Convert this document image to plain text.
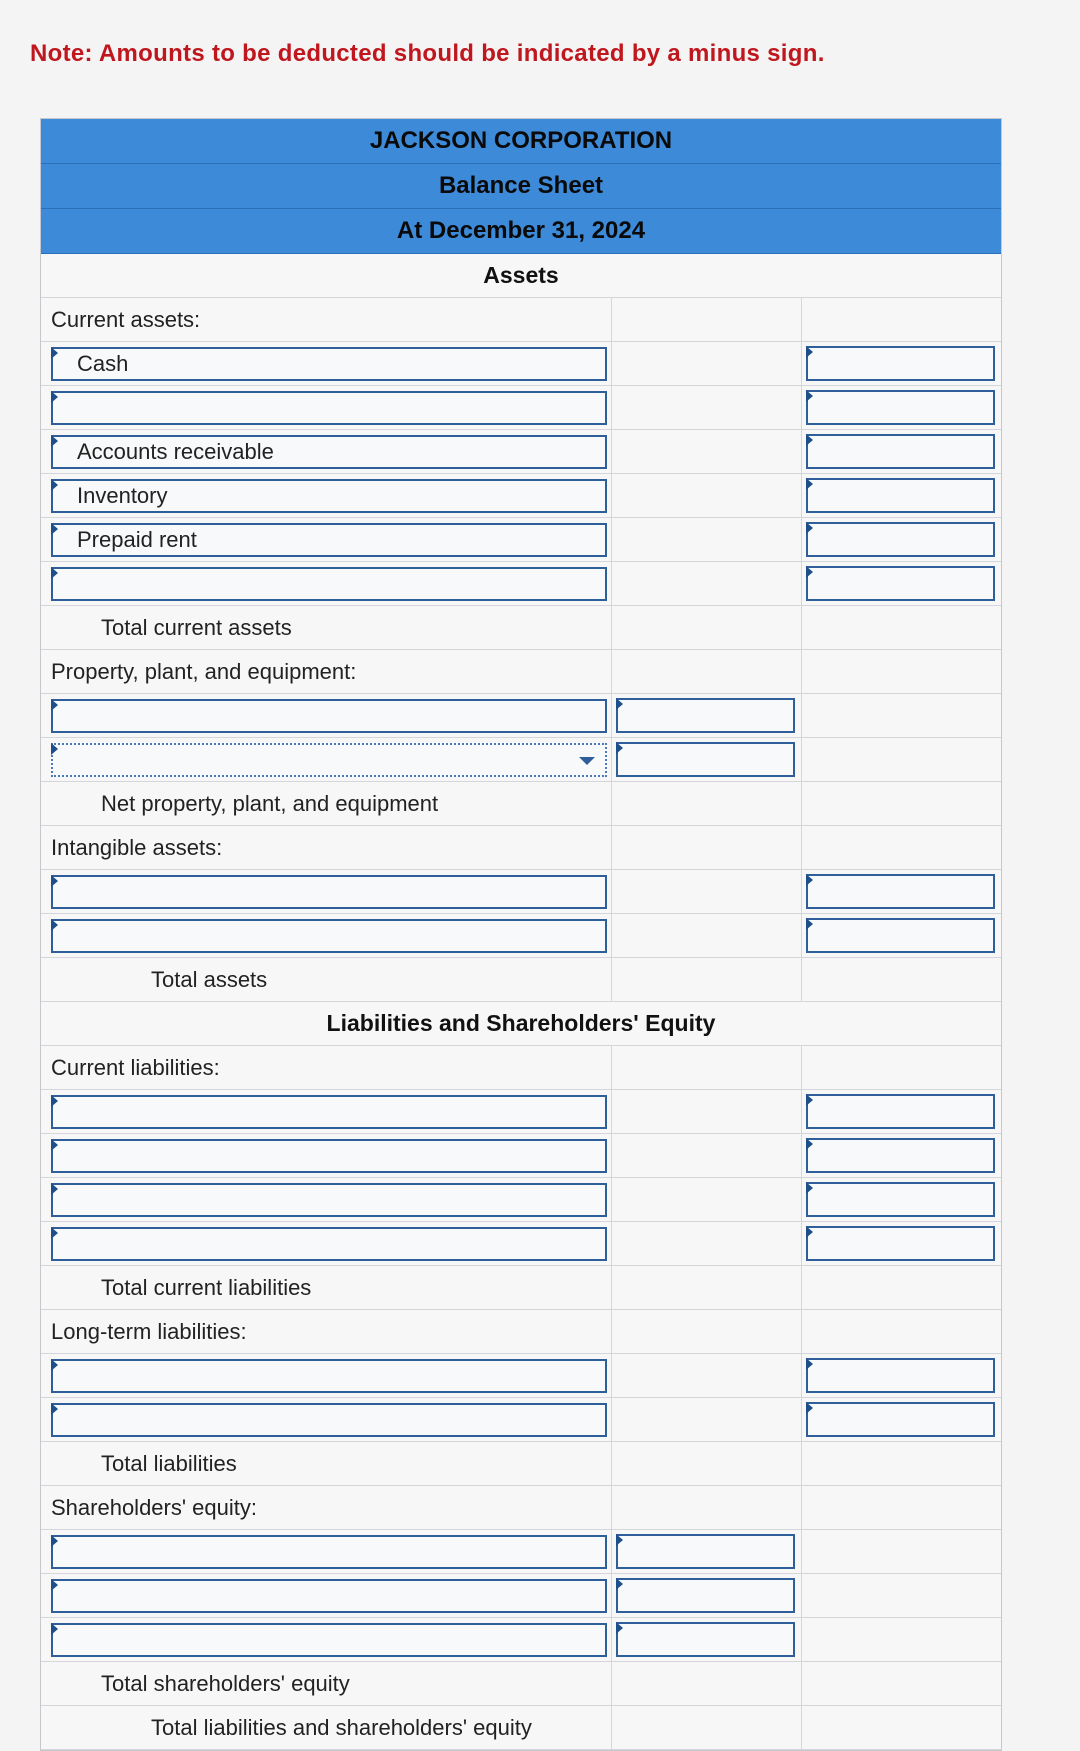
Note: Amounts to be deducted should be indicated by a minus sign.
JACKSON CORPORATION
Balance Sheet
At December 31, 2024
Assets
Current assets:
Cash
Accounts receivable
Inventory
Prepaid rent
Total current assets
Property, plant, and equipment:
Net property, plant, and equipment
Intangible assets:
Total assets
Liabilities and Shareholders' Equity
Current liabilities:
Total current liabilities
Long-term liabilities:
Total liabilities
Shareholders' equity:
Total shareholders' equity
Total liabilities and shareholders' equity
